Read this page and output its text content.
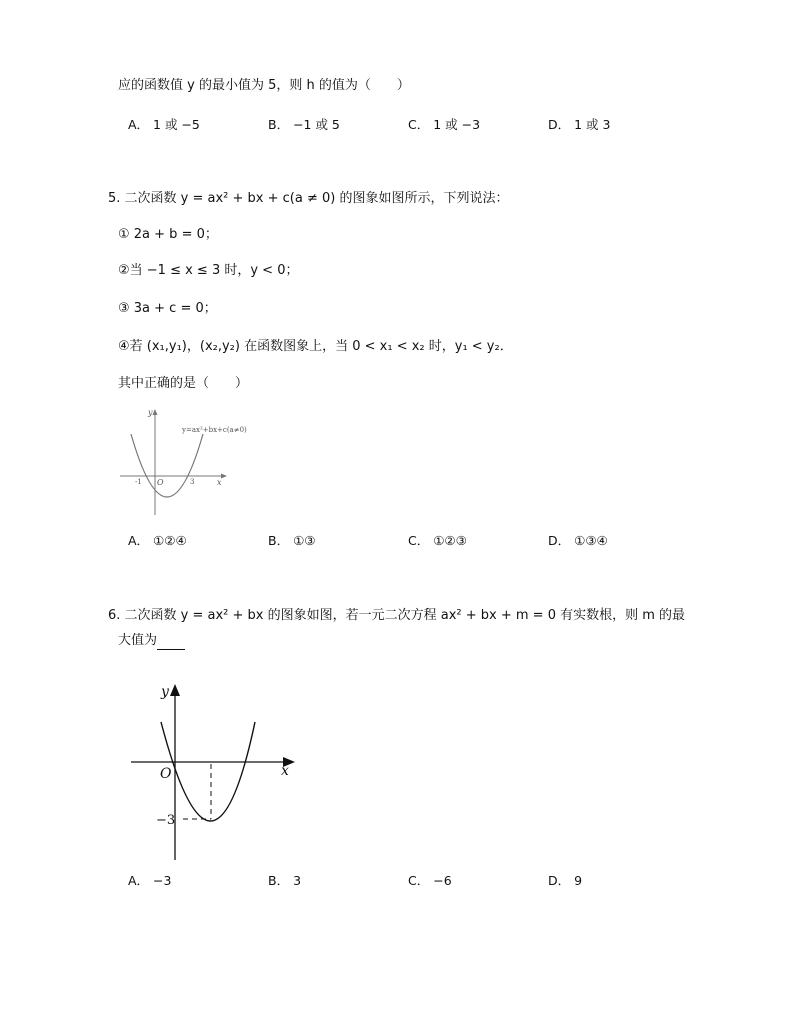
应的函数值 y 的最小值为 5，则 h 的值为（　　）
A． 1 或 −5	B． −1 或 5	C． 1 或 −3	D． 1 或 3
5. 二次函数 y = ax² + bx + c(a ≠ 0) 的图象如图所示，下列说法：
① 2a + b = 0；
②当 −1 ≤ x ≤ 3 时，y < 0；
③ 3a + c = 0；
④若 (x₁,y₁)，(x₂,y₂) 在函数图象上，当 0 < x₁ < x₂ 时，y₁ < y₂．
其中正确的是（　　）
y
x
O
-1	3
y=ax²+bx+c(a≠0)
A． ①②④	B． ①③	C． ①②③	D． ①③④
6. 二次函数 y = ax² + bx 的图象如图，若一元二次方程 ax² + bx + m = 0 有实数根，则 m 的最
大值为
y
x
O
−3
A． −3	B． 3	C． −6	D． 9
